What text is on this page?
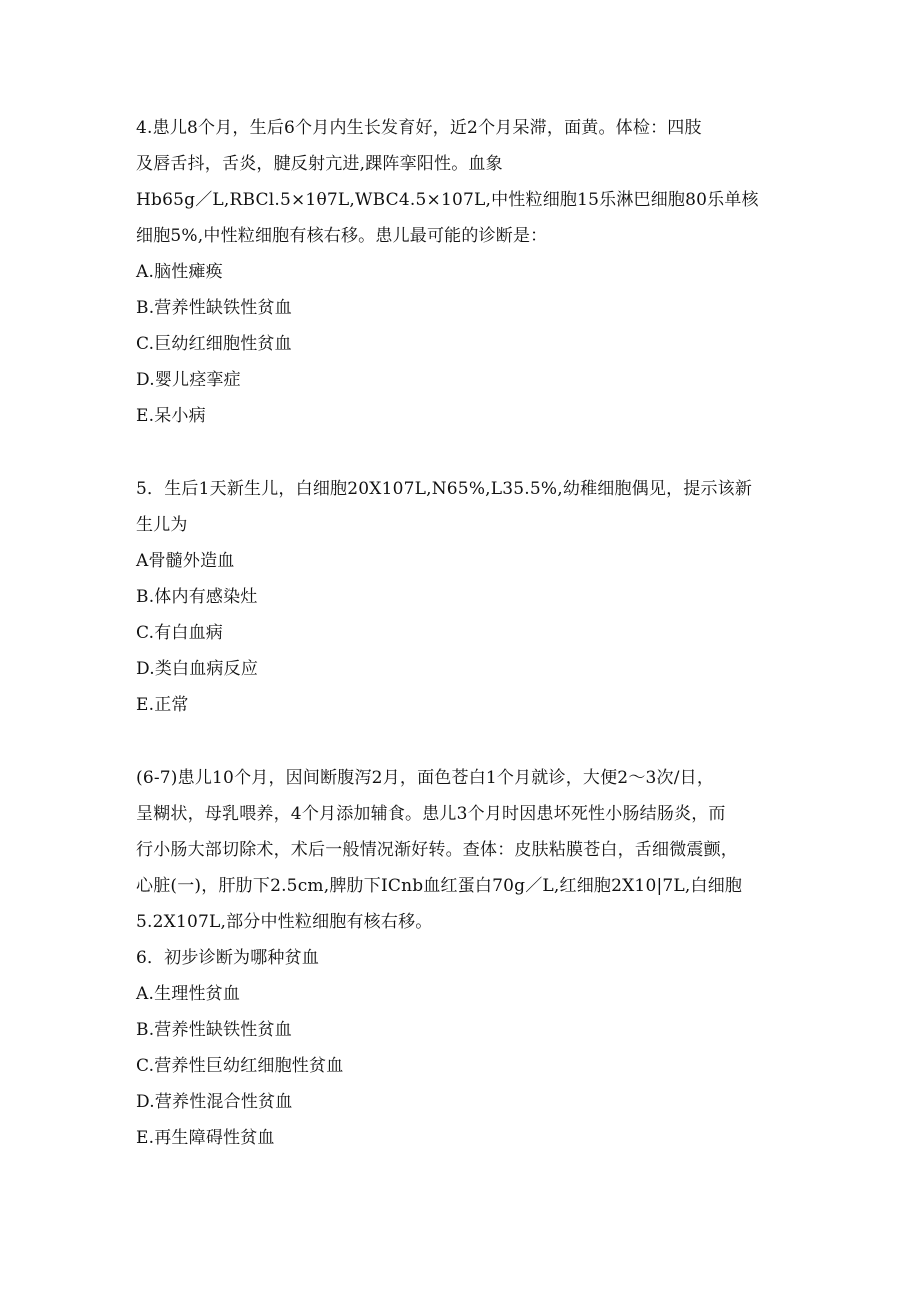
4.患儿8个月，生后6个月内生长发育好，近2个月呆滞，面黄。体检：四肢
及唇舌抖，舌炎，腱反射亢进,踝阵挛阳性。血象
Hb65g／L,RBCl.5×1θ7L,WBC4.5×107L,中性粒细胞15乐淋巴细胞80乐单核
细胞5%,中性粒细胞有核右移。患儿最可能的诊断是：
A.脑性瘫痪
B.营养性缺铁性贫血
C.巨幼红细胞性贫血
D.婴儿痉挛症
E.呆小病
5．生后1天新生儿，白细胞20X107L,N65%,L35.5%,幼稚细胞偶见，提示该新
生儿为
A骨髓外造血
B.体内有感染灶
C.有白血病
D.类白血病反应
E.正常
(6-7)患儿10个月，因间断腹泻2月，面色苍白1个月就诊，大便2～3次/日，
呈糊状，母乳喂养，4个月添加辅食。患儿3个月时因患坏死性小肠结肠炎，而
行小肠大部切除术，术后一般情况渐好转。查体：皮肤粘膜苍白，舌细微震颤，
心脏(一)，肝肋下2.5cm,脾肋下ICnb血红蛋白70g／L,红细胞2X10|7L,白细胞
5.2X107L,部分中性粒细胞有核右移。
6．初步诊断为哪种贫血
A.生理性贫血
B.营养性缺铁性贫血
C.营养性巨幼红细胞性贫血
D.营养性混合性贫血
E.再生障碍性贫血
